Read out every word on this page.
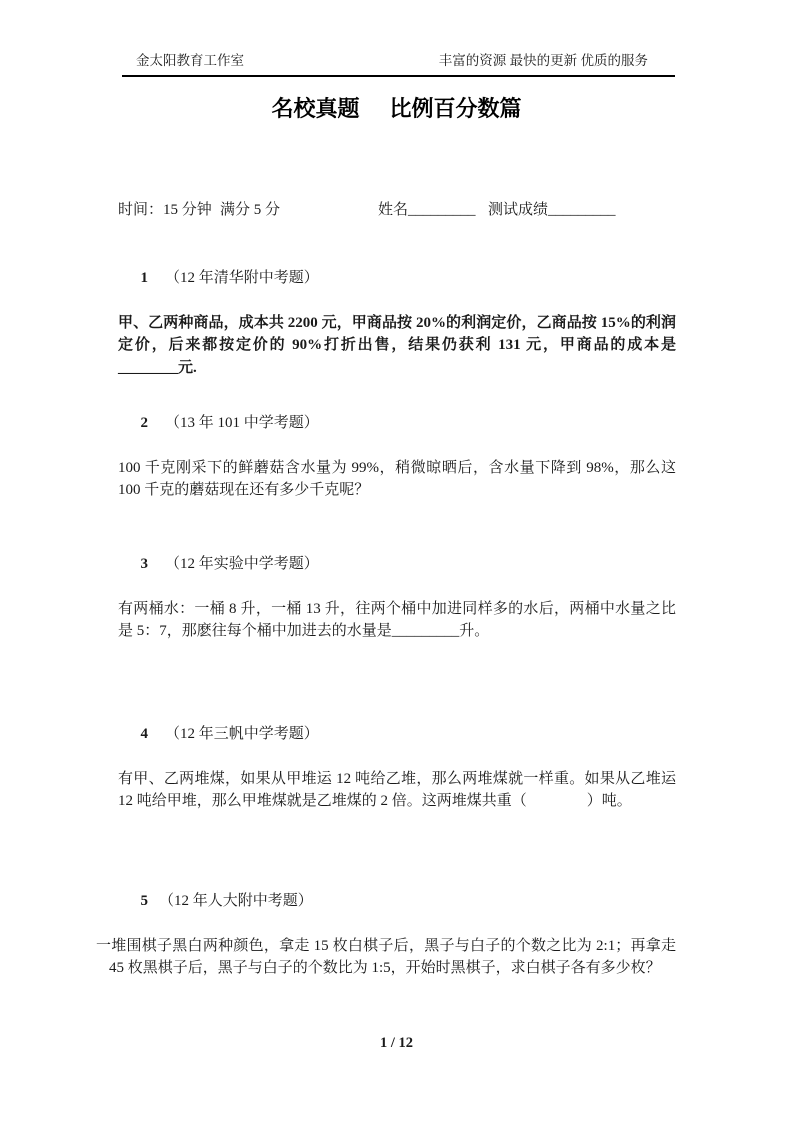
金太阳教育工作室	丰富的资源 最快的更新 优质的服务
名校真题 比例百分数篇
时间：15 分钟 满分 5 分	姓名_________ 测试成绩_________

1 （12 年清华附中考题）

甲、乙两种商品，成本共 2200 元，甲商品按 20%的利润定价，乙商品按 15%的利润定价，后来都按定价的 90%打折出售，结果仍获利 131 元，甲商品的成本是________元.

2 （13 年 101 中学考题）

100 千克刚采下的鲜蘑菇含水量为 99%，稍微晾晒后，含水量下降到 98%，那么这 100 千克的蘑菇现在还有多少千克呢？

3 （12 年实验中学考题）

有两桶水：一桶 8 升，一桶 13 升，往两个桶中加进同样多的水后，两桶中水量之比是 5：7，那麽往每个桶中加进去的水量是_________升。

4 （12 年三帆中学考题）

有甲、乙两堆煤，如果从甲堆运 12 吨给乙堆，那么两堆煤就一样重。如果从乙堆运 12 吨给甲堆，那么甲堆煤就是乙堆煤的 2 倍。这两堆煤共重（　　　　）吨。

5 （12 年人大附中考题）

一堆围棋子黑白两种颜色，拿走 15 枚白棋子后，黑子与白子的个数之比为 2:1；再拿走 45 枚黑棋子后，黑子与白子的个数比为 1:5，开始时黑棋子，求白棋子各有多少枚？
1 / 12
